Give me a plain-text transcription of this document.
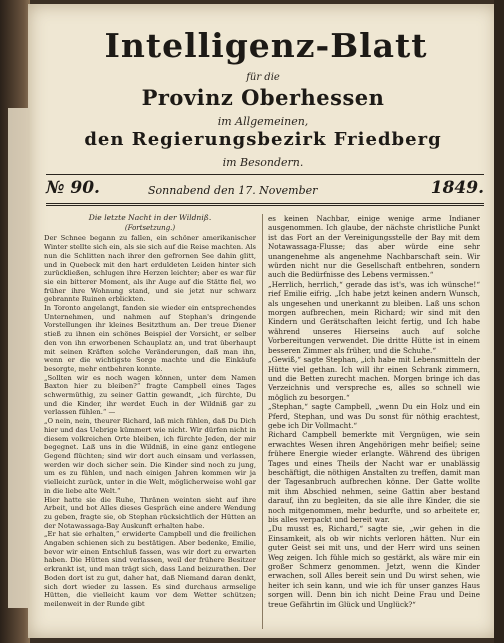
Intelligenz-Blatt
für die
Provinz Oberhessen
im Allgemeinen,
den Regierungsbezirk Friedberg
im Besondern.
№ 90.	Sonnabend den 17. November	1849.
Die letzte Nacht in der Wildniß.
(Fortsetzung.)

Der Schnee begann zu fallen, ein schöner amerikanischer Winter stellte sich ein, als sie sich auf die Reise machten. Als nun die Schlitten nach ihrer den gefrornen See dahin glitt, und in Quebeck mit den hart erduldeten Leiden hinter sich zurückließen, schlugen ihre Herzen leichter; aber es war für sie ein bitterer Moment, als ihr Auge auf die Stätte fiel, wo früher ihre Wohnung stand, und sie jetzt nur schwarz gebrannte Ruinen erblickten.

In Toronto angelangt, fanden sie wieder ein entsprechendes Unternehmen, und nahmen auf Stephan's dringende Vorstellungen ihr kleines Besitzthum an. Der treue Diener stieß zu ihnen ein schönes Beispiel der Vorsicht, er selber den von ihn erworbenen Schauplatz an, und trat überhaupt mit seinen Kräften solche Veränderungen, daß man ihn, wenn er die wichtigste Sorge machte und die Einkäufe besorgte, mehr entbehren konnte.

„Sollten wir es noch wagen können, unter dem Namen Baxton hier zu bleiben?“ fragte Campbell eines Tages schwermüthig, zu seiner Gattin gewandt, „ich fürchte, Du und die Kinder, ihr werdet Euch in der Wildniß gar zu verlassen fühlen.“ —

„O nein, nein, theurer Richard, laß mich fühlen, daß Du Dich hier und das Uebrige kümmert wie nicht. Wir dürfen nicht in diesem volkreichen Orte bleiben, ich fürchte Jeden, der mir begegnet. Laß uns in die Wildniß, in eine ganz entlegene Gegend flüchten; sind wir dort auch einsam und verlassen, werden wir doch sicher sein. Die Kinder sind noch zu jung, um es zu fühlen, und nach einigen Jahren kommen wir ja vielleicht zurück, unter in die Welt, möglicherweise wohl gar in die liebe alte Welt.“

Hier hatte sie die Ruhe, Thränen weinten sieht auf ihre Arbeit, und bot Alles dieses Gespräch eine andere Wendung zu geben, fragte sie, ob Stephan rücksichtlich der Hütten an der Notawassaga-Bay Auskunft erhalten habe.

„Er hat sie erhalten,“ erwiderte Campbell und die freilichen Angaben schienen sich zu bestätigen. Aber bedenke, Emilie, bevor wir einen Entschluß fassen, was wir dort zu erwarten haben. Die Hütten sind verlassen, weil der frühere Besitzer erkrankt ist, und man trägt sich, dass Land beizurathen. Der Boden dort ist zu gut, daher hat, daß Niemand daran denkt, sich dort wieder zu lassen. Es sind durchaus armselige Hütten, die vielleicht kaum vor dem Wetter schützen; meilenweit in der Runde gibt

es keinen Nachbar, einige wenige arme Indianer ausgenommen. Ich glaube, der nächste christliche Punkt ist das Fort an der Vereinigungsstelle der Bay mit dem Notawassaga-Flusse; das aber würde eine sehr unangenehme als angenehme Nachbarschaft sein. Wir würden nicht nur die Gesellschaft entbehren, sondern auch die Bedürfnisse des Lebens vermissen.“

„Herrlich, herrlich,“ gerade das ist's, was ich wünsche!“ rief Emilie eifrig. „Ich habe jetzt keinen andern Wunsch, als ungesehen und unerkannt zu bleiben. Laß uns schon morgen aufbrechen, mein Richard; wir sind mit den Kindern und Gerätschaften leicht fertig, und Ich habe während unseres Hierseins auch auf solche Vorbereitungen verwendet. Die dritte Hütte ist in einem besseren Zimmer als früher, und die Schuhe.“

„Gewiß,“ sagte Stephan, „ich habe mit Lebensmitteln der Hütte viel gethan. Ich will ihr einen Schrank zimmern, und die Betten zurecht machen. Morgen bringe ich das Verzeichnis und verspreche es, alles so schnell wie möglich zu besorgen.“

„Stephan,“ sagte Campbell, „wenn Du ein Holz und ein Pferd, Stephan, und was Du sonst für nöthig erachtest, gebe ich Dir Vollmacht.“

Richard Campbell bemerkte mit Vergnügen, wie sein erwachtes Wesen ihren Angehörigen mehr beifiel; seine frühere Energie wieder erlangte. Während des übrigen Tages und eines Theils der Nacht war er unablässig beschäftigt, die nöthigen Anstalten zu treffen, damit man der Tagesanbruch aufbrechen könne. Der Gatte wollte mit ihm Abschied nehmen, seine Gattin aber bestand darauf, ihn zu begleiten, da sie alle ihre Kinder, die sie noch mitgenommen, mehr bedurfte, und so arbeitete er, bis alles verpackt und bereit war.

„Du musst es, Richard,“ sagte sie, „wir gehen in die Einsamkeit, als ob wir nichts verloren hätten. Nur ein guter Geist sei mit uns, und der Herr wird uns seinen Weg zeigen. Ich fühle mich so gestärkt, als wäre mir ein großer Schmerz genommen. Jetzt, wenn die Kinder erwachen, soll Alles bereit sein und Du wirst sehen, wie heiter ich sein kann, und wie ich für unser ganzes Haus sorgen will. Denn bin ich nicht Deine Frau und Deine treue Gefährtin im Glück und Unglück?“
